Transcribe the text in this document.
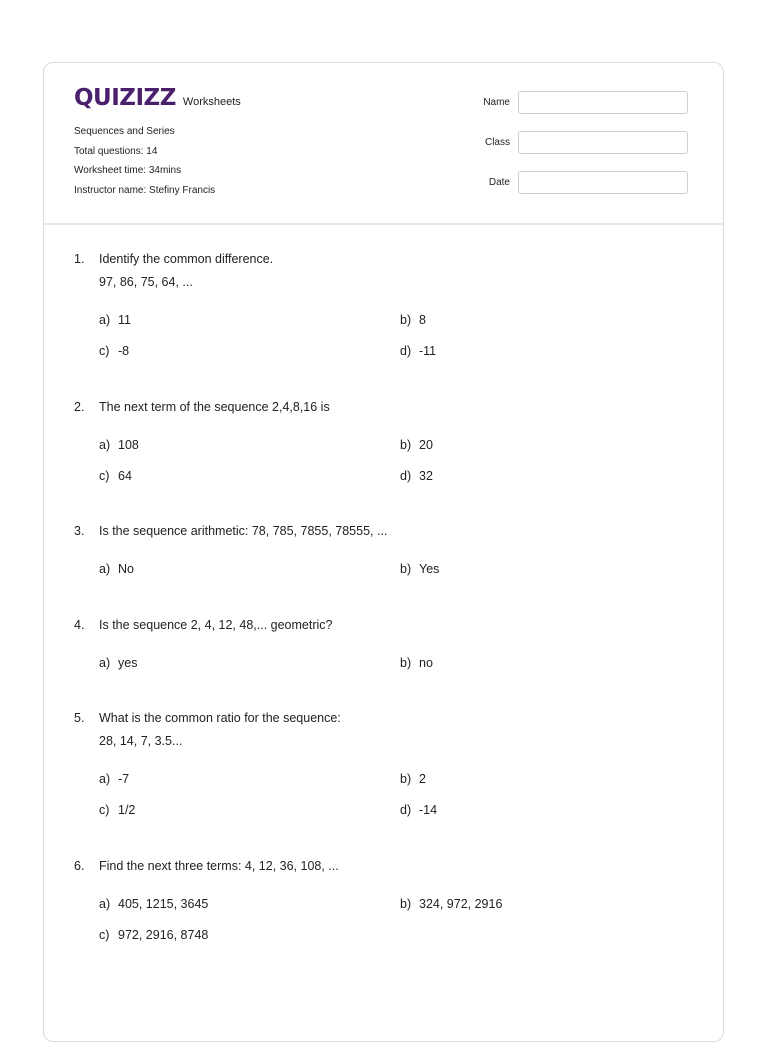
QUIZIZZ Worksheets
Sequences and Series
Total questions: 14
Worksheet time: 34mins
Instructor name: Stefiny Francis
Name
Class
Date
1.	Identify the common difference.
97, 86, 75, 64, ...
a) 11	b) 8
c) -8	d) -11
2.	The next term of the sequence 2,4,8,16 is
a) 108	b) 20
c) 64	d) 32
3.	Is the sequence arithmetic: 78, 785, 7855, 78555, ...
a) No	b) Yes
4.	Is the sequence 2, 4, 12, 48,... geometric?
a) yes	b) no
5.	What is the common ratio for the sequence:
28, 14, 7, 3.5...
a) -7	b) 2
c) 1/2	d) -14
6.	Find the next three terms: 4, 12, 36, 108, ...
a) 405, 1215, 3645	b) 324, 972, 2916
c) 972, 2916, 8748
